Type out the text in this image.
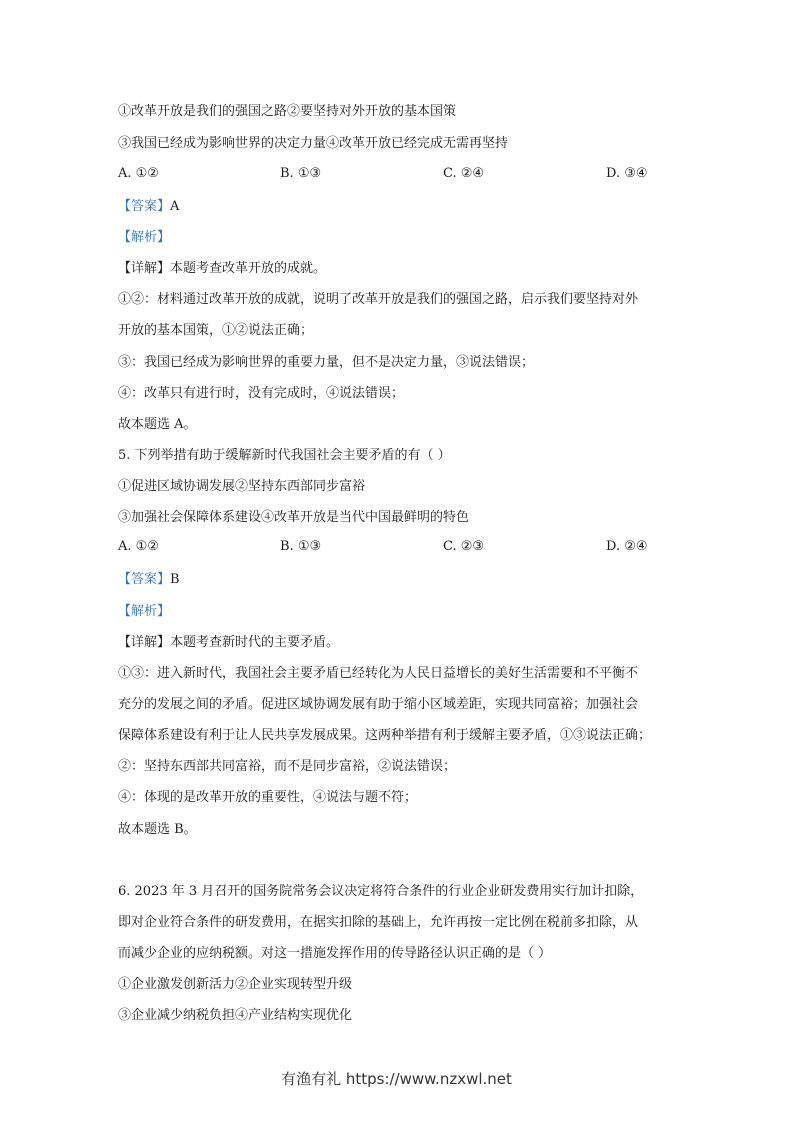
①改革开放是我们的强国之路②要坚持对外开放的基本国策
③我国已经成为影响世界的决定力量④改革开放已经完成无需再坚持
A. ①②	B. ①③	C. ②④	D. ③④
【答案】A
【解析】
【详解】本题考查改革开放的成就。
①②：材料通过改革开放的成就，说明了改革开放是我们的强国之路，启示我们要坚持对外
开放的基本国策，①②说法正确；
③：我国已经成为影响世界的重要力量，但不是决定力量，③说法错误；
④：改革只有进行时，没有完成时，④说法错误；
故本题选 A。
5. 下列举措有助于缓解新时代我国社会主要矛盾的有（ ）
①促进区域协调发展②坚持东西部同步富裕
③加强社会保障体系建设④改革开放是当代中国最鲜明的特色
A. ①②	B. ①③	C. ②③	D. ②④
【答案】B
【解析】
【详解】本题考查新时代的主要矛盾。
①③：进入新时代，我国社会主要矛盾已经转化为人民日益增长的美好生活需要和不平衡不
充分的发展之间的矛盾。促进区域协调发展有助于缩小区域差距，实现共同富裕；加强社会
保障体系建设有利于让人民共享发展成果。这两种举措有利于缓解主要矛盾，①③说法正确；
②：坚持东西部共同富裕，而不是同步富裕，②说法错误；
④：体现的是改革开放的重要性，④说法与题不符；
故本题选 B。
6. 2023 年 3 月召开的国务院常务会议决定将符合条件的行业企业研发费用实行加计扣除，
即对企业符合条件的研发费用，在据实扣除的基础上，允许再按一定比例在税前多扣除，从
而减少企业的应纳税额。对这一措施发挥作用的传导路径认识正确的是（ ）
①企业激发创新活力②企业实现转型升级
③企业减少纳税负担④产业结构实现优化
有渔有礼 https://www.nzxwl.net
